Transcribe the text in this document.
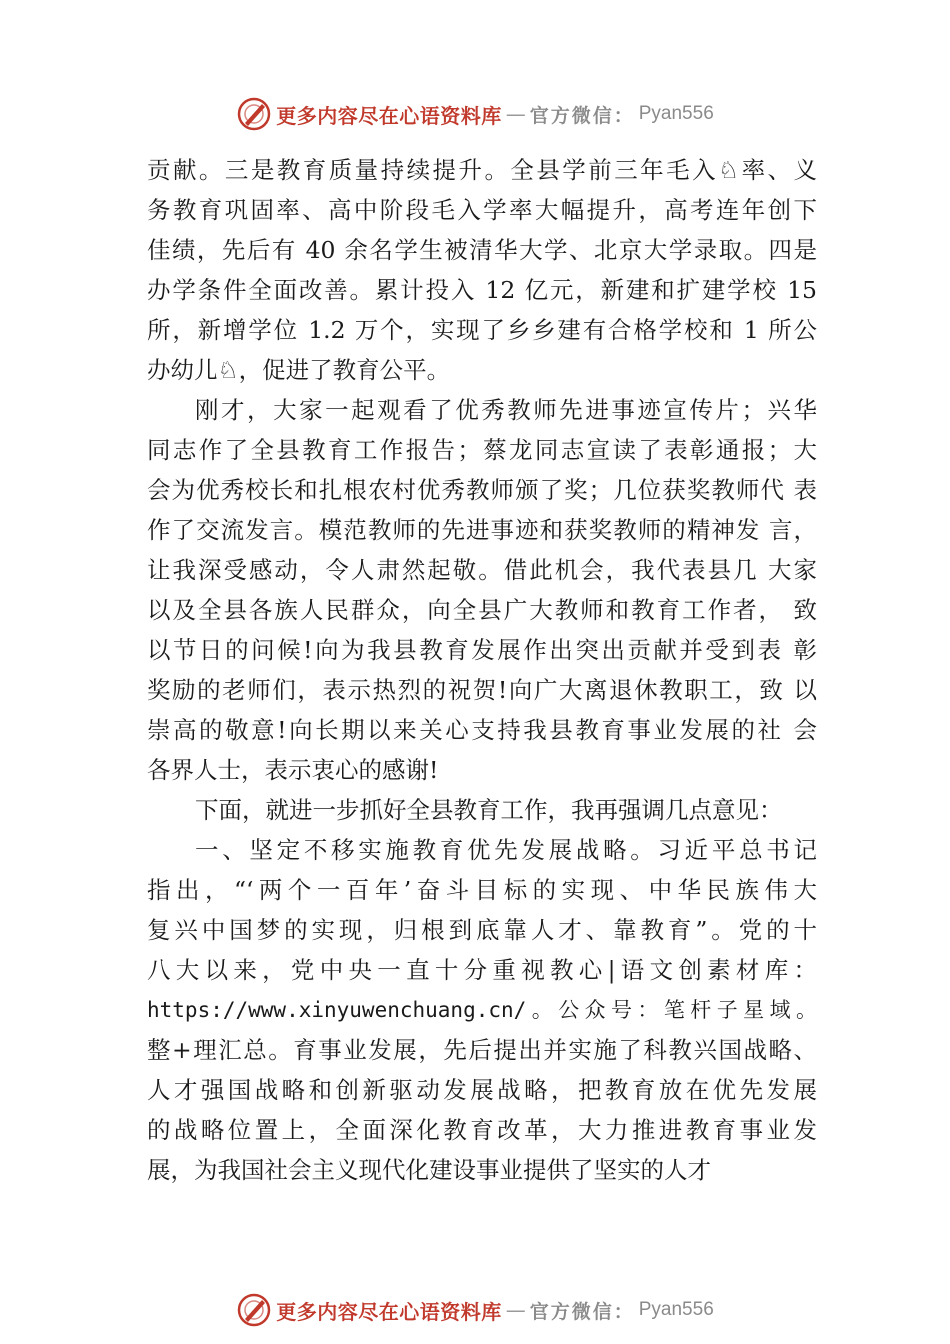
更多内容尽在心语资料库 — 官方微信： Pyan556
贡献。三是教育质量持续提升。全县学前三年毛入♘率、义
务教育巩固率、高中阶段毛入学率大幅提升，高考连年创下
佳绩，先后有 40 余名学生被清华大学、北京大学录取。四是
办学条件全面改善。累计投入 12 亿元，新建和扩建学校 15
所，新增学位 1.2 万个，实现了乡乡建有合格学校和 1 所公
办幼儿♘，促进了教育公平。
刚才，大家一起观看了优秀教师先进事迹宣传片；兴华
同志作了全县教育工作报告；蔡龙同志宣读了表彰通报；大
会为优秀校长和扎根农村优秀教师颁了奖；几位获奖教师代 表
作了交流发言。模范教师的先进事迹和获奖教师的精神发 言，
让我深受感动，令人肃然起敬。借此机会，我代表县几 大家
以及全县各族人民群众，向全县广大教师和教育工作者， 致
以节日的问候!向为我县教育发展作出突出贡献并受到表 彰
奖励的老师们，表示热烈的祝贺!向广大离退休教职工，致 以
崇高的敬意!向长期以来关心支持我县教育事业发展的社 会
各界人士，表示衷心的感谢!
下面，就进一步抓好全县教育工作，我再强调几点意见：
一、坚定不移实施教育优先发展战略。习近平总书记
指出，“‘两个一百年’奋斗目标的实现、中华民族伟大
复兴中国梦的实现，归根到底靠人才、靠教育”。党的十
八大以来，党中央一直十分重视教心|语文创素材库：
https://www.xinyuwenchuang.cn/。公众号：笔杆子星域。
整+理汇总。育事业发展，先后提出并实施了科教兴国战略、
人才强国战略和创新驱动发展战略，把教育放在优先发展
的战略位置上，全面深化教育改革，大力推进教育事业发
展，为我国社会主义现代化建设事业提供了坚实的人才
更多内容尽在心语资料库 — 官方微信： Pyan556
